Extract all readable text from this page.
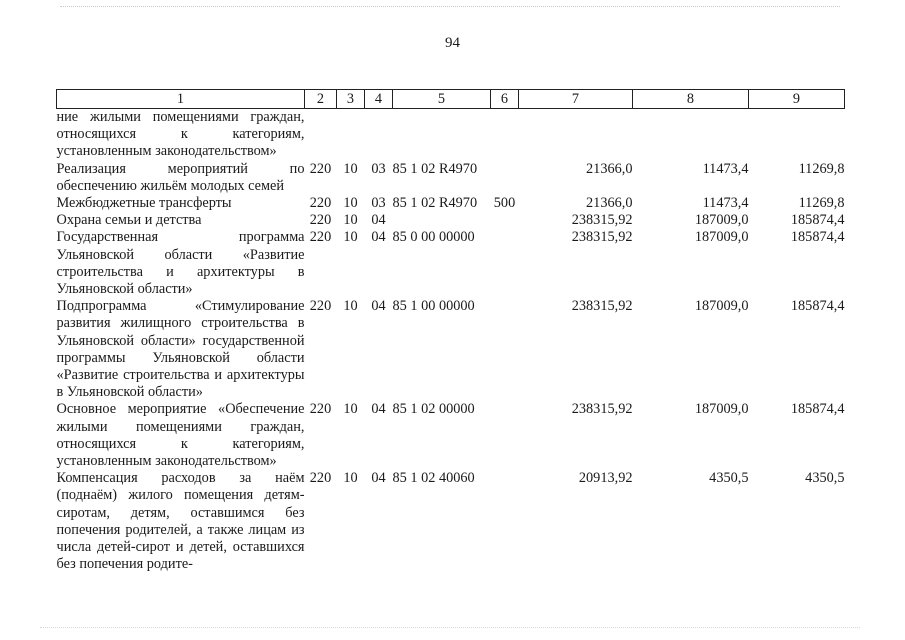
94
1	2	3	4	5	6	7	8	9
ние жилыми помещениями граждан, относящихся к категориям, установленным законодательством»								
Реализация мероприятий по обеспечению жильём молодых семей	220	10	03	85 1 02 R4970		21366,0	11473,4	11269,8
Межбюджетные трансферты	220	10	03	85 1 02 R4970	500	21366,0	11473,4	11269,8
Охрана семьи и детства	220	10	04			238315,92	187009,0	185874,4
Государственная программа Ульяновской области «Развитие строительства и архитектуры в Ульяновской области»	220	10	04	85 0 00 00000		238315,92	187009,0	185874,4
Подпрограмма «Стимулирование развития жилищного строительства в Ульяновской области» государственной программы Ульяновской области «Развитие строительства и архитектуры в Ульяновской области»	220	10	04	85 1 00 00000		238315,92	187009,0	185874,4
Основное мероприятие «Обеспечение жилыми помещениями граждан, относящихся к категориям, установленным законодательством»	220	10	04	85 1 02 00000		238315,92	187009,0	185874,4
Компенсация расходов за наём (поднаём) жилого помещения детям-сиротам, детям, оставшимся без попечения родителей, а также лицам из числа детей-сирот и детей, оставшихся без попечения родите-	220	10	04	85 1 02 40060		20913,92	4350,5	4350,5
